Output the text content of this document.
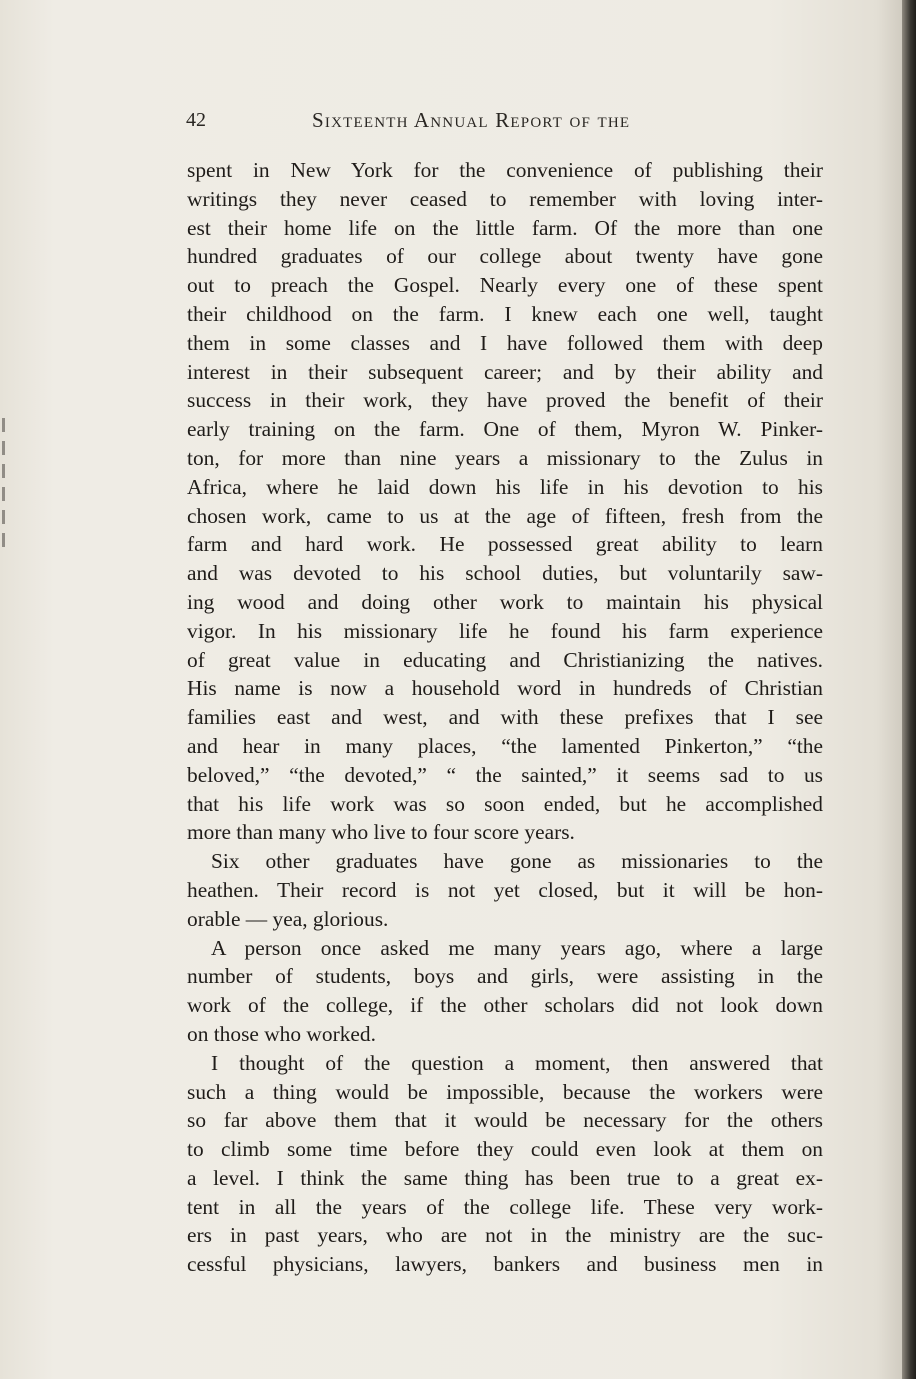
42	Sixteenth Annual Report of the

spent in New York for the convenience of publishing their
writings they never ceased to remember with loving inter-
est their home life on the little farm. Of the more than one
hundred graduates of our college about twenty have gone
out to preach the Gospel. Nearly every one of these spent
their childhood on the farm. I knew each one well, taught
them in some classes and I have followed them with deep
interest in their subsequent career; and by their ability and
success in their work, they have proved the benefit of their
early training on the farm. One of them, Myron W. Pinker-
ton, for more than nine years a missionary to the Zulus in
Africa, where he laid down his life in his devotion to his
chosen work, came to us at the age of fifteen, fresh from the
farm and hard work. He possessed great ability to learn
and was devoted to his school duties, but voluntarily saw-
ing wood and doing other work to maintain his physical
vigor. In his missionary life he found his farm experience
of great value in educating and Christianizing the natives.
His name is now a household word in hundreds of Christian
families east and west, and with these prefixes that I see
and hear in many places, “the lamented Pinkerton,” “the
beloved,” “the devoted,” “ the sainted,” it seems sad to us
that his life work was so soon ended, but he accomplished
more than many who live to four score years.

Six other graduates have gone as missionaries to the
heathen. Their record is not yet closed, but it will be hon-
orable — yea, glorious.

A person once asked me many years ago, where a large
number of students, boys and girls, were assisting in the
work of the college, if the other scholars did not look down
on those who worked.

I thought of the question a moment, then answered that
such a thing would be impossible, because the workers were
so far above them that it would be necessary for the others
to climb some time before they could even look at them on
a level. I think the same thing has been true to a great ex-
tent in all the years of the college life. These very work-
ers in past years, who are not in the ministry are the suc-
cessful physicians, lawyers, bankers and business men in
